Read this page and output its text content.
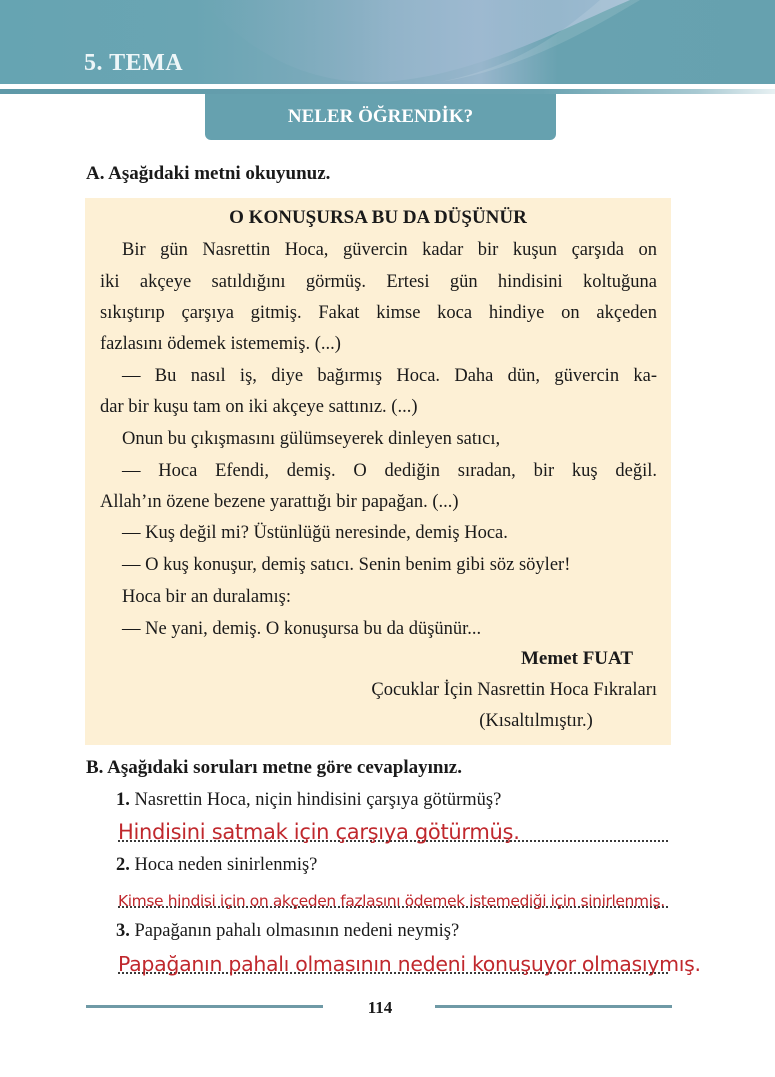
5. TEMA
NELER ÖĞRENDİK?
A. Aşağıdaki metni okuyunuz.
O KONUŞURSA BU DA DÜŞÜNÜR
Bir gün Nasrettin Hoca, güvercin kadar bir kuşun çarşıda on
iki akçeye satıldığını görmüş. Ertesi gün hindisini koltuğuna
sıkıştırıp çarşıya gitmiş. Fakat kimse koca hindiye on akçeden
fazlasını ödemek istememiş. (...)
— Bu nasıl iş, diye bağırmış Hoca. Daha dün, güvercin ka-
dar bir kuşu tam on iki akçeye sattınız. (...)
Onun bu çıkışmasını gülümseyerek dinleyen satıcı,
— Hoca Efendi, demiş. O dediğin sıradan, bir kuş değil.
Allah’ın özene bezene yarattığı bir papağan. (...)
— Kuş değil mi? Üstünlüğü neresinde, demiş Hoca.
— O kuş konuşur, demiş satıcı. Senin benim gibi söz söyler!
Hoca bir an duralamış:
— Ne yani, demiş. O konuşursa bu da düşünür...
Memet FUAT
Çocuklar İçin Nasrettin Hoca Fıkraları
(Kısaltılmıştır.)
B. Aşağıdaki soruları metne göre cevaplayınız.
1. Nasrettin Hoca, niçin hindisini çarşıya götürmüş?
Hindisini satmak için çarşıya götürmüş.
2. Hoca neden sinirlenmiş?
Kimse hindisi için on akçeden fazlasını ödemek istemediği için sinirlenmiş.
3. Papağanın pahalı olmasının nedeni neymiş?
Papağanın pahalı olmasının nedeni konuşuyor olmasıymış.
114
